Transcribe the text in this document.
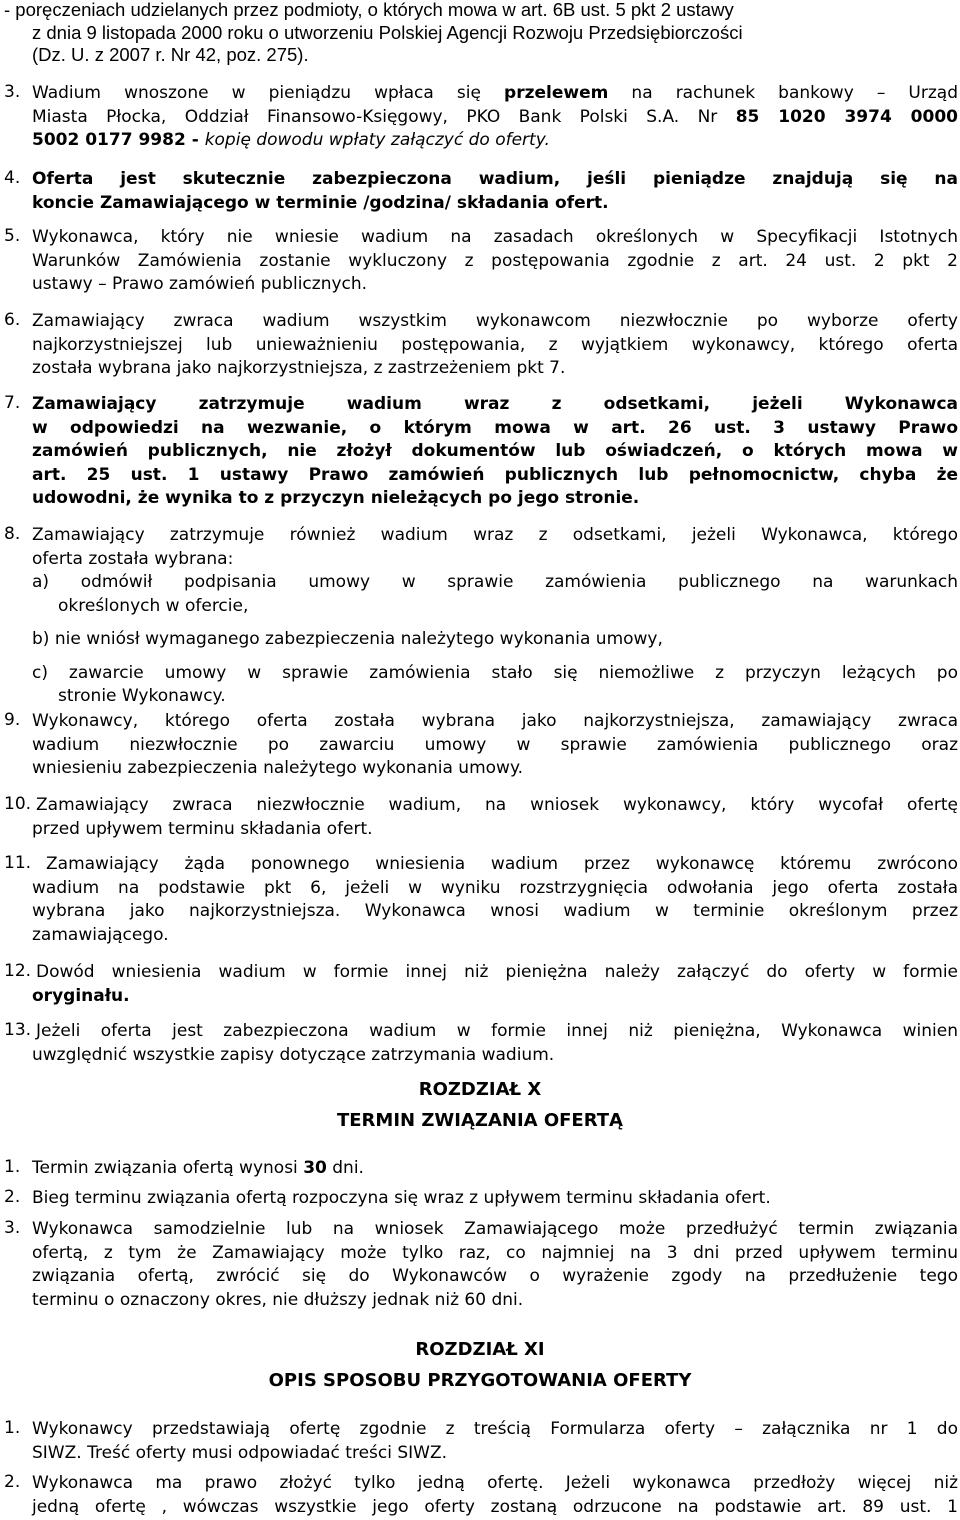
- poręczeniach udzielanych przez podmioty, o których mowa w art. 6B ust. 5 pkt 2 ustawy
z dnia 9 listopada 2000 roku o utworzeniu Polskiej Agencji Rozwoju Przedsiębiorczości
(Dz. U. z 2007 r. Nr 42, poz. 275).
3. Wadium wnoszone w pieniądzu wpłaca się przelewem na rachunek bankowy – Urząd
Miasta Płocka, Oddział Finansowo-Księgowy, PKO Bank Polski S.A. Nr 85 1020 3974 0000
5002 0177 9982 - kopię dowodu wpłaty załączyć do oferty.
4. Oferta jest skutecznie zabezpieczona wadium, jeśli pieniądze znajdują się na
koncie Zamawiającego w terminie /godzina/ składania ofert.
5. Wykonawca, który nie wniesie wadium na zasadach określonych w Specyfikacji Istotnych
Warunków Zamówienia zostanie wykluczony z postępowania zgodnie z art. 24 ust. 2 pkt 2
ustawy – Prawo zamówień publicznych.
6. Zamawiający zwraca wadium wszystkim wykonawcom niezwłocznie po wyborze oferty
najkorzystniejszej lub unieważnieniu postępowania, z wyjątkiem wykonawcy, którego oferta
została wybrana jako najkorzystniejsza, z zastrzeżeniem pkt 7.
7. Zamawiający zatrzymuje wadium wraz z odsetkami, jeżeli Wykonawca
w odpowiedzi na wezwanie, o którym mowa w art. 26 ust. 3 ustawy Prawo
zamówień publicznych, nie złożył dokumentów lub oświadczeń, o których mowa w
art. 25 ust. 1 ustawy Prawo zamówień publicznych lub pełnomocnictw, chyba że
udowodni, że wynika to z przyczyn nieleżących po jego stronie.
8. Zamawiający zatrzymuje również wadium wraz z odsetkami, jeżeli Wykonawca, którego
oferta została wybrana:
a) odmówił podpisania umowy w sprawie zamówienia publicznego na warunkach
określonych w ofercie,
b) nie wniósł wymaganego zabezpieczenia należytego wykonania umowy,
c) zawarcie umowy w sprawie zamówienia stało się niemożliwe z przyczyn leżących po
stronie Wykonawcy.
9. Wykonawcy, którego oferta została wybrana jako najkorzystniejsza, zamawiający zwraca
wadium niezwłocznie po zawarciu umowy w sprawie zamówienia publicznego oraz
wniesieniu zabezpieczenia należytego wykonania umowy.
10. Zamawiający zwraca niezwłocznie wadium, na wniosek wykonawcy, który wycofał ofertę
przed upływem terminu składania ofert.
11. Zamawiający żąda ponownego wniesienia wadium przez wykonawcę któremu zwrócono
wadium na podstawie pkt 6, jeżeli w wyniku rozstrzygnięcia odwołania jego oferta została
wybrana jako najkorzystniejsza. Wykonawca wnosi wadium w terminie określonym przez
zamawiającego.
12. Dowód wniesienia wadium w formie innej niż pieniężna należy załączyć do oferty w formie
oryginału.
13. Jeżeli oferta jest zabezpieczona wadium w formie innej niż pieniężna, Wykonawca winien
uwzględnić wszystkie zapisy dotyczące zatrzymania wadium.
ROZDZIAŁ X
TERMIN ZWIĄZANIA OFERTĄ
1. Termin związania ofertą wynosi 30 dni.
2. Bieg terminu związania ofertą rozpoczyna się wraz z upływem terminu składania ofert.
3. Wykonawca samodzielnie lub na wniosek Zamawiającego może przedłużyć termin związania
ofertą, z tym że Zamawiający może tylko raz, co najmniej na 3 dni przed upływem terminu
związania ofertą, zwrócić się do Wykonawców o wyrażenie zgody na przedłużenie tego
terminu o oznaczony okres, nie dłuższy jednak niż 60 dni.
ROZDZIAŁ XI
OPIS SPOSOBU PRZYGOTOWANIA OFERTY
1. Wykonawcy przedstawiają ofertę zgodnie z treścią Formularza oferty – załącznika nr 1 do
SIWZ. Treść oferty musi odpowiadać treści SIWZ.
2. Wykonawca ma prawo złożyć tylko jedną ofertę. Jeżeli wykonawca przedłoży więcej niż
jedną ofertę , wówczas wszystkie jego oferty zostaną odrzucone na podstawie art. 89 ust. 1
